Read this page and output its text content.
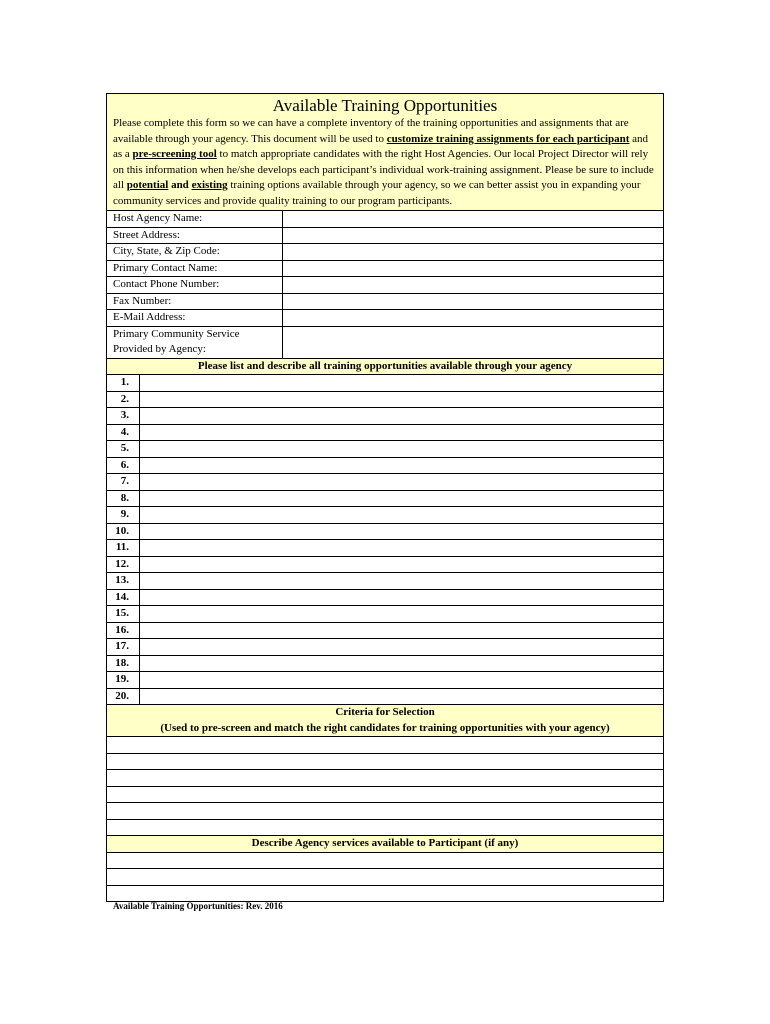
Available Training Opportunities
Please complete this form so we can have a complete inventory of the training opportunities and assignments that are available through your agency. This document will be used to customize training assignments for each participant and as a pre-screening tool to match appropriate candidates with the right Host Agencies. Our local Project Director will rely on this information when he/she develops each participant’s individual work-training assignment. Please be sure to include all potential and existing training options available through your agency, so we can better assist you in expanding your community services and provide quality training to our program participants.
Host Agency Name:
Street Address:
City, State, & Zip Code:
Primary Contact Name:
Contact Phone Number:
Fax Number:
E-Mail Address:
Primary Community Service Provided by Agency:
Please list and describe all training opportunities available through your agency
1.
2.
3.
4.
5.
6.
7.
8.
9.
10.
11.
12.
13.
14.
15.
16.
17.
18.
19.
20.
Criteria for Selection
(Used to pre-screen and match the right candidates for training opportunities with your agency)
Describe Agency services available to Participant (if any)
Available Training Opportunities: Rev. 2016
